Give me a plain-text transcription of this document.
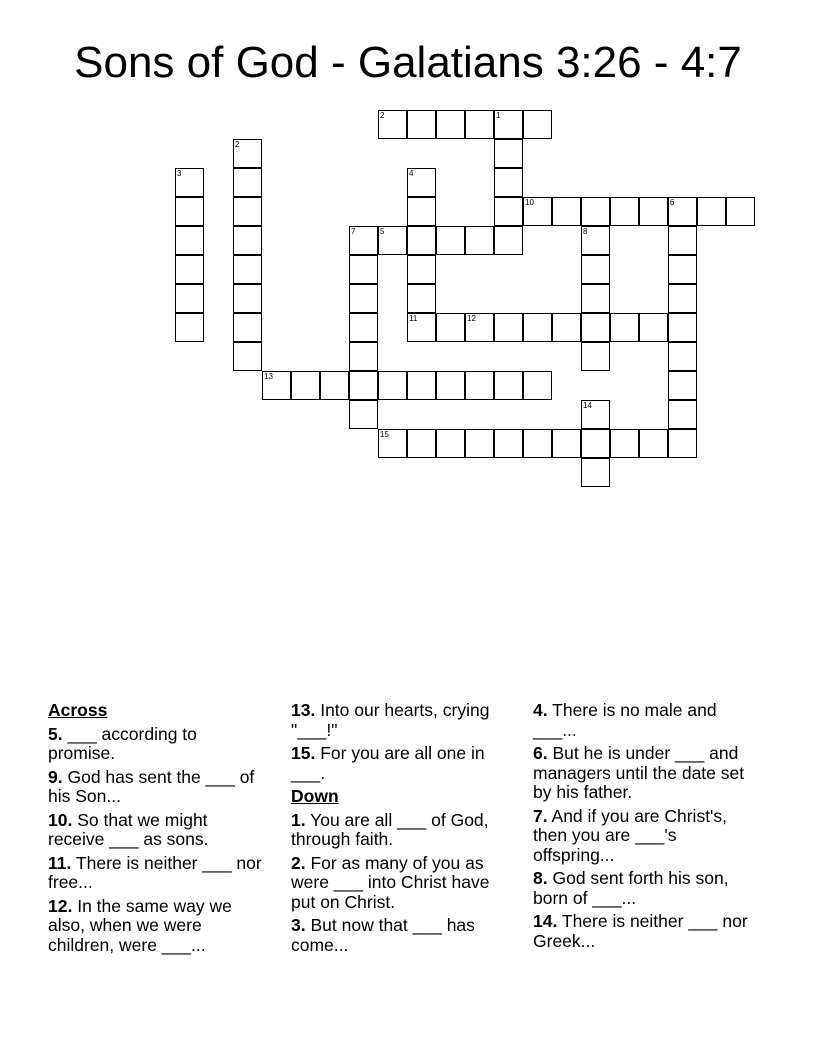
Sons of God - Galatians 3:26 - 4:7
2	1
10	6
5
11	12
13
15
2
3	4
7	8
14
Across
5. ___ according to promise.
9. God has sent the ___ of his Son...
10. So that we might receive ___ as sons.
11. There is neither ___ nor free...
12. In the same way we also, when we were children, were ___...
13. Into our hearts, crying "___!"
15. For you are all one in ___.
Down
1. You are all ___ of God, through faith.
2. For as many of you as were ___ into Christ have put on Christ.
3. But now that ___ has come...
4. There is no male and ___...
6. But he is under ___ and managers until the date set by his father.
7. And if you are Christ's, then you are ___'s offspring...
8. God sent forth his son, born of ___...
14. There is neither ___ nor Greek...
